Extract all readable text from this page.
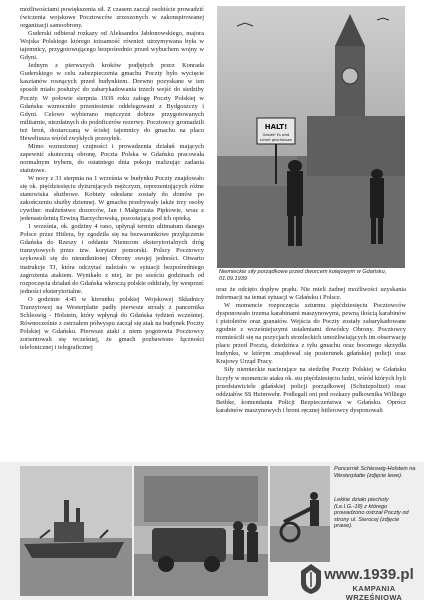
możliwościami powiększenia sił. Z czasem zaczął osobiście prowadzić ćwiczenia wojskowe Pocztowców zrzeszonych w zakonspirowanej organizacji samoobrony.

Guderski odbierał rozkazy od Aleksandra Jabłonowskiego, majora Wojska Polskiego którego tożsamość również utrzymywana była w tajemnicy, przygotowującego bezpośrednio przed wybuchem wojny w Gdyni.

Jednym z pierwszych kroków podjętych przez Konrada Guderskiego w celu zabezpieczenia gmachu Poczty było wycięcie kasztanów rosnących przed budynkiem. Drewno pozyskane w ten sposób miało posłużyć do zabarykadowania trzech wejść do siedziby Poczty. W połowie sierpnia 1939 roku załogę Poczty Polskiej w Gdańsku wzmocniło przeniesienie oddelegowani z Bydgoszczy i Gdyni. Celowo wybierano mężczyzn dobrze przygotowanych militarnie, niezdatnych do podoficerów rezerwy. Pocztowcy gromadzili też broń, dostarczaną w ścisłej tajemnicy do gmachu na placu Heweliusza wśród zwykłych przesyłek.

Mimo wzmożonej czujności i prowadzenia działań mających zapewnić skuteczną obronę, Poczta Polska w Gdańsku pracowała normalnym trybem, do ostatniego dnia pokoju realizując zadania statutowe.

W nocy z 31 sierpnia na 1 września w budynku Poczty znajdowało się ok. pięćdziesięciu dyżurujących mężczyzn, reprezentujących różne stanowiska służbowe. Kobiety odesłane zostały do domów po zakończeniu służby dziennej. W gmachu przebywały także trzy osoby cywilne: małżeństwo dozorców, Jan i Małgorzata Pipkowie, wraz z jedenastoletnią Erwiną Barzychowską, pozostającą pod ich opieką.

1 września, ok. godziny 4 rano, upłynął termin ultimatum danego Polsce przez Hitlera, by zgodziła się na bezwarunkowe przyłączenie Gdańska do Rzeszy i oddanie Niemcom eksterytorialnych dróg tranzytowych przez tzw. korytarz pomorski. Polscy Pocztowcy szykowali się do nieuniknionej Obrony swojej jedności. Otwarto instrukcje TJ, która odczytać należało w sytuacji bezpośredniego zagrożenia atakiem. Wynikało z niej, że po sześciu godzinach od rozpoczęcia działań do Gdańska wkroczą polskie oddziały, by wesprzeć jedności eksterytorialne.

O godzinie 4:45 w kierunku polskiej Wojskowej Składnicy Tranzytowej na Westerplatte padły pierwsze strzały z pancernika Schleswig - Holstein, który wpłynął do Gdańska tydzień wcześniej. Równocześnie z ostrzałem półwyspu zaczął się atak na budynek Poczty Polskiej w Gdańsku. Pierwsze ataki z niem pogotowia Pocztowcy zorientowali się wcześniej, że gmach pozbawiono łączności telefonicznej i telegraficznej

HALT!
Gebiet! Es wird
scharf geschossen
Niemieckie siły porządkowe przed dworcem kolejowym w Gdańsku, 01.09.1939

oraz że odcięto dopływ prądu. Nie mieli żadnej możliwości uzyskania informacji na temat sytuacji w Gdańsku i Polsce.

W momencie rozpoczęcia szturmu pięćdziesięciu Pocztowców dysponowało trzema karabinami maszynowymi, pewną ilością karabinów i pistoletów oraz granatów. Wejścia do Poczty zostały zabarykadowane zgodnie z wcześniejszymi ustaleniami dowódcy Obrony. Pocztowcy rozmieścili się na pozycjach strzeleckich umożliwiających im obserwację placu przed Pocztą, dziedzińca z tyłu gmachu oraz bocznego skrzydła budynku, w którym znajdował się posterunek gdańskiej policji oraz Krajowy Urząd Pracy.

Siły niemieckie nacierające na siedzibę Poczty Polskiej w Gdańsku liczyły w momencie ataku ok. stu pięćdziesięciu ludzi, wśród których byli przedstawiciele gdańskiej policji porządkowej (Schutzpolizei) oraz oddziałów SS Heimwehr. Podlegali oni pod rozkazy pułkownika Williego Bethke, komendanta Policji Bezpieczeństwa w Gdańsku. Oprócz karabinów maszynowych i broni ręcznej hitlerowcy dysponowali

Pancernik Schleswig-Holstein na Westerplatte (zdjęcie lewe).
Lekkie działo piechoty (Le.I.G.-18) z którego prowadzono ostrzał Poczty od strony ul. Sierocej (zdjęcie prawe).
www.1939.pl
KAMPANIA WRZEŚNIOWA
